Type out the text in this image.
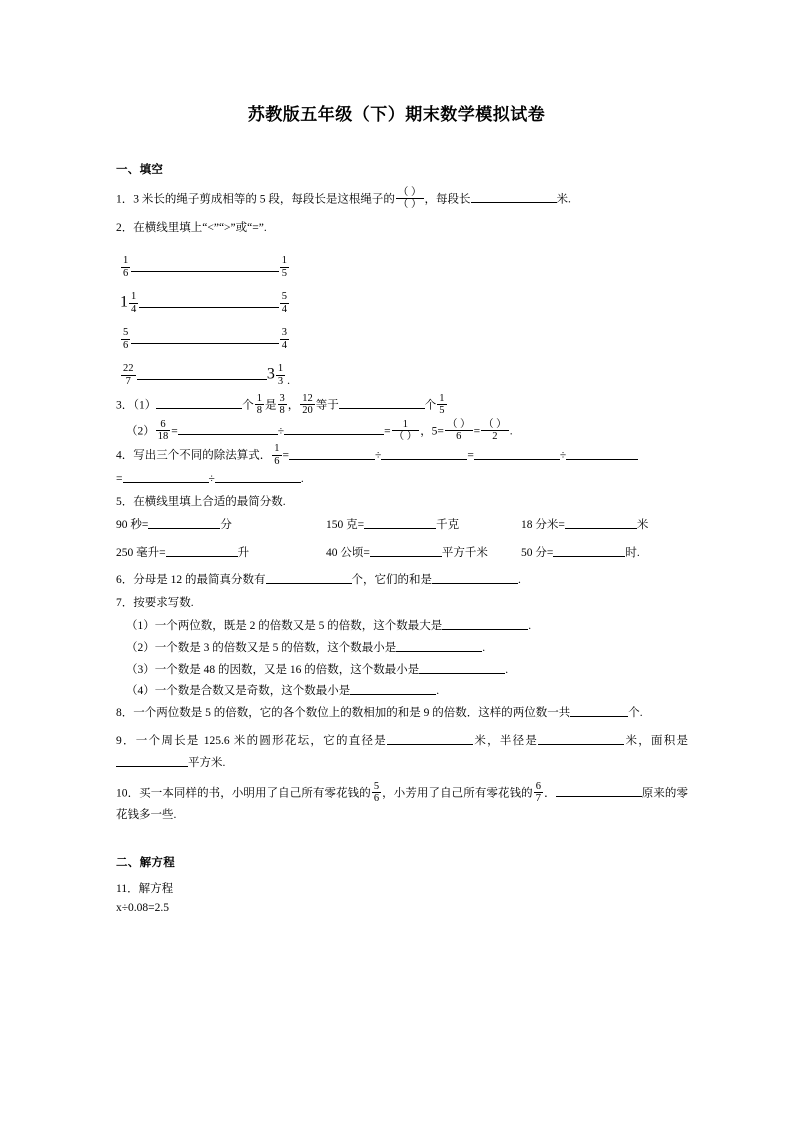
苏教版五年级（下）期末数学模拟试卷
一、填空

1．3 米长的绳子剪成相等的 5 段，每段长是这根绳子的 $\frac{( )}{( )}$ ，每段长	米.

2．在横线里填上“<”“>”或“=”.

$\frac{1}{6}$	$\frac{1}{5}$
$1 \frac{1}{4}$	$\frac{5}{4}$
$\frac{5}{6}$	$\frac{3}{4}$
$\frac{22}{7}$	$3 \frac{1}{3}$ .

3．（1）	个 $\frac{1}{8}$ 是 $\frac{3}{8}$ ， $\frac{12}{20}$ 等于	个 $\frac{1}{5}$

$(2) \frac{6}{18}$ =	÷	= $\frac{1}{( )}$ ，$5= \frac{( )}{6} = \frac{( )}{2}$ .

4．写出三个不同的除法算式． $\frac{1}{6}$ =	÷	=	÷

=	÷	.

5．在横线里填上合适的最简分数.

90 秒=	分	150 克=	千克	18 分米=	米
250 毫升=	升	40 公顷=	平方千米	50 分=	时.

6．分母是 12 的最简真分数有	个，它们的和是	.

7．按要求写数.

（1）一个两位数，既是 2 的倍数又是 5 的倍数，这个数最大是	.

（2）一个数是 3 的倍数又是 5 的倍数，这个数最小是	.

（3）一个数是 48 的因数，又是 16 的倍数，这个数最小是	.

（4）一个数是合数又是奇数，这个数最小是	.

8．一个两位数是 5 的倍数，它的各个数位上的数相加的和是 9 的倍数．这样的两位数一共	个.

9．一个周长是 125.6 米的圆形花坛，它的直径是	米，半径是	米，面积是平方米.

10．买一本同样的书，小明用了自己所有零花钱的 $\frac{5}{6}$ ，小芳用了自己所有零花钱的 $\frac{6}{7}$ ．	原来的零花钱多一些.

二、解方程

11．解方程

x÷0.08=2.5
